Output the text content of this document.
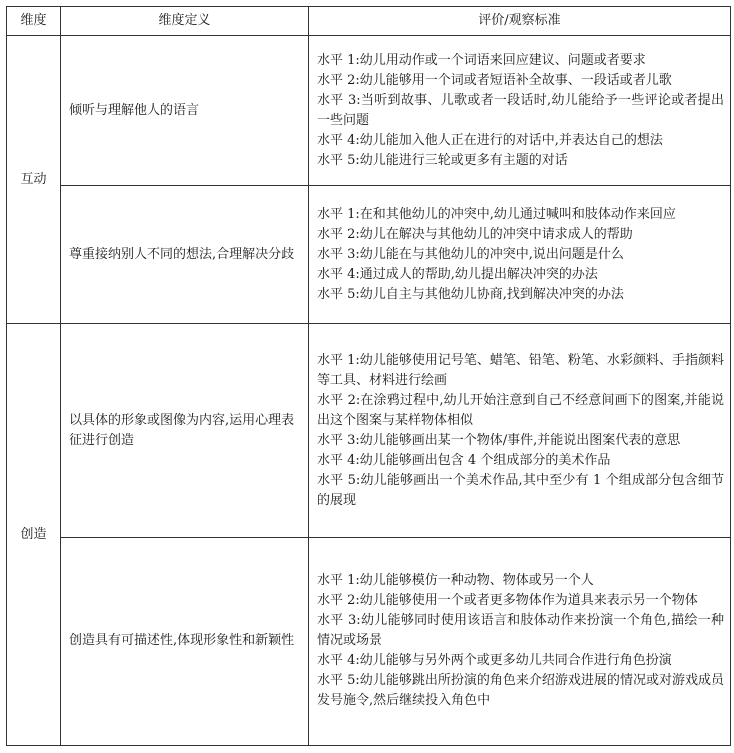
维度	维度定义	评价/观察标准
互动	倾听与理解他人的语言	水平 1:幼儿用动作或一个词语来回应建议、问题或者要求
水平 2:幼儿能够用一个词或者短语补全故事、一段话或者儿歌
水平 3:当听到故事、儿歌或者一段话时,幼儿能给予一些评论或者提出一些问题
水平 4:幼儿能加入他人正在进行的对话中,并表达自己的想法
水平 5:幼儿能进行三轮或更多有主题的对话

	尊重接纳别人不同的想法,合理解决分歧	水平 1:在和其他幼儿的冲突中,幼儿通过喊叫和肢体动作来回应
水平 2:幼儿在解决与其他幼儿的冲突中请求成人的帮助
水平 3:幼儿能在与其他幼儿的冲突中,说出问题是什么
水平 4:通过成人的帮助,幼儿提出解决冲突的办法
水平 5:幼儿自主与其他幼儿协商,找到解决冲突的办法

创造	以具体的形象或图像为内容,运用心理表征进行创造	水平 1:幼儿能够使用记号笔、蜡笔、铅笔、粉笔、水彩颜料、手指颜料等工具、材料进行绘画
水平 2:在涂鸦过程中,幼儿开始注意到自己不经意间画下的图案,并能说出这个图案与某样物体相似
水平 3:幼儿能够画出某一个物体/事件,并能说出图案代表的意思
水平 4:幼儿能够画出包含 4 个组成部分的美术作品
水平 5:幼儿能够画出一个美术作品,其中至少有 1 个组成部分包含细节的展现

	创造具有可描述性,体现形象性和新颖性	水平 1:幼儿能够模仿一种动物、物体或另一个人
水平 2:幼儿能够使用一个或者更多物体作为道具来表示另一个物体
水平 3:幼儿能够同时使用该语言和肢体动作来扮演一个角色,描绘一种情况或场景
水平 4:幼儿能够与另外两个或更多幼儿共同合作进行角色扮演
水平 5:幼儿能够跳出所扮演的角色来介绍游戏进展的情况或对游戏成员发号施令,然后继续投入角色中
